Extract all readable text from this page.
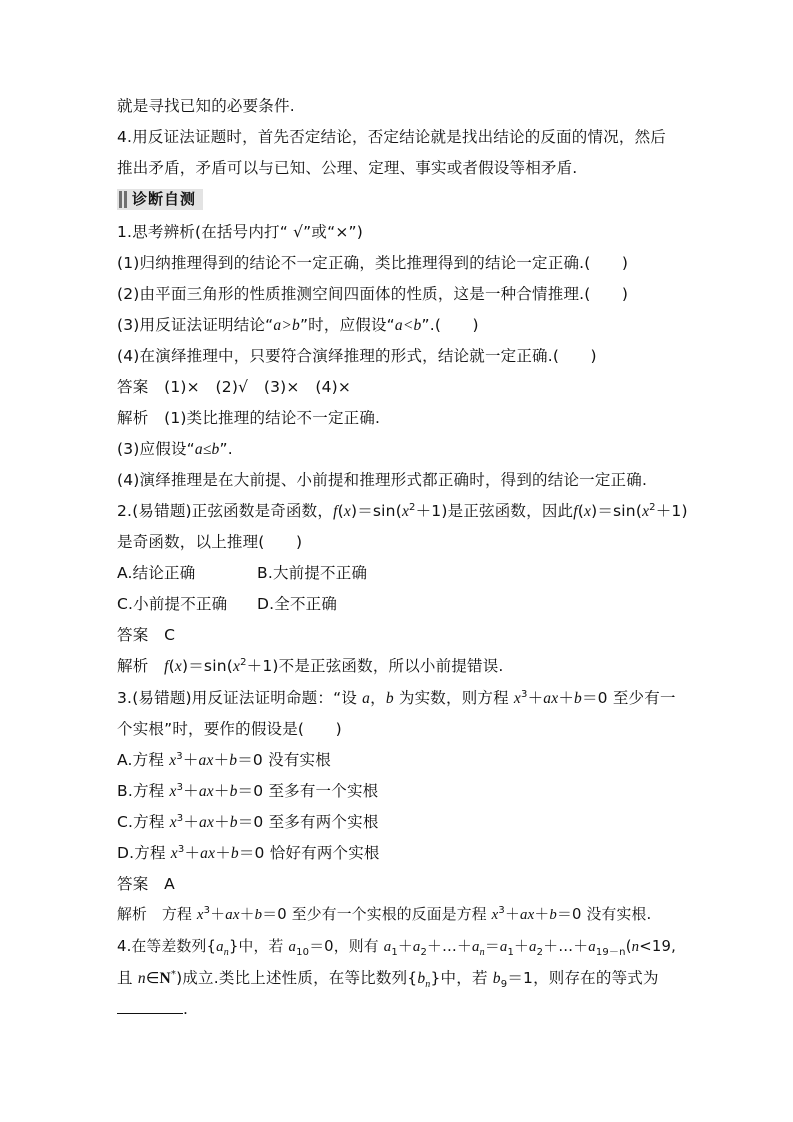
就是寻找已知的必要条件.
4.用反证法证题时，首先否定结论，否定结论就是找出结论的反面的情况，然后
推出矛盾，矛盾可以与已知、公理、定理、事实或者假设等相矛盾.
诊断自测
1.思考辨析(在括号内打“ √”或“×”)
(1)归纳推理得到的结论不一定正确，类比推理得到的结论一定正确.(　　)
(2)由平面三角形的性质推测空间四面体的性质，这是一种合情推理.(　　)
(3)用反证法证明结论“a>b”时，应假设“a<b”.(　　)
(4)在演绎推理中，只要符合演绎推理的形式，结论就一定正确.(　　)
答案　(1)×　(2)√　(3)×　(4)×
解析　(1)类比推理的结论不一定正确.
(3)应假设“a≤b”.
(4)演绎推理是在大前提、小前提和推理形式都正确时，得到的结论一定正确.
2.(易错题)正弦函数是奇函数，$f(x)=\sin(x^2+1)$是正弦函数，因此$f(x)=\sin(x^2+1)$
是奇函数，以上推理(　　)
A.结论正确	B.大前提不正确
C.小前提不正确 D.全不正确
答案　C
解析　$f(x)=\sin(x^2+1)$不是正弦函数，所以小前提错误.
3.(易错题)用反证法证明命题：“设 a，b 为实数，则方程 $x^3+ax+b=0$ 至少有一
个实根”时，要作的假设是(　　)
A.方程 $x^3+ax+b=0$ 没有实根
B.方程 $x^3+ax+b=0$ 至多有一个实根
C.方程 $x^3+ax+b=0$ 至多有两个实根
D.方程 $x^3+ax+b=0$ 恰好有两个实根
答案　A
解析　方程 $x^3+ax+b=0$ 至少有一个实根的反面是方程 $x^3+ax+b=0$ 没有实根.
4.在等差数列$\{a_n\}$中，若 $a_{10}=0$，则有 $a_1+a_2+\dots+a_n=a_1+a_2+\dots+a_{19-n}(n<19$,
且 n∈N*)成立.类比上述性质，在等比数列$\{b_n\}$中，若 $b_9=1$，则存在的等式为
.
